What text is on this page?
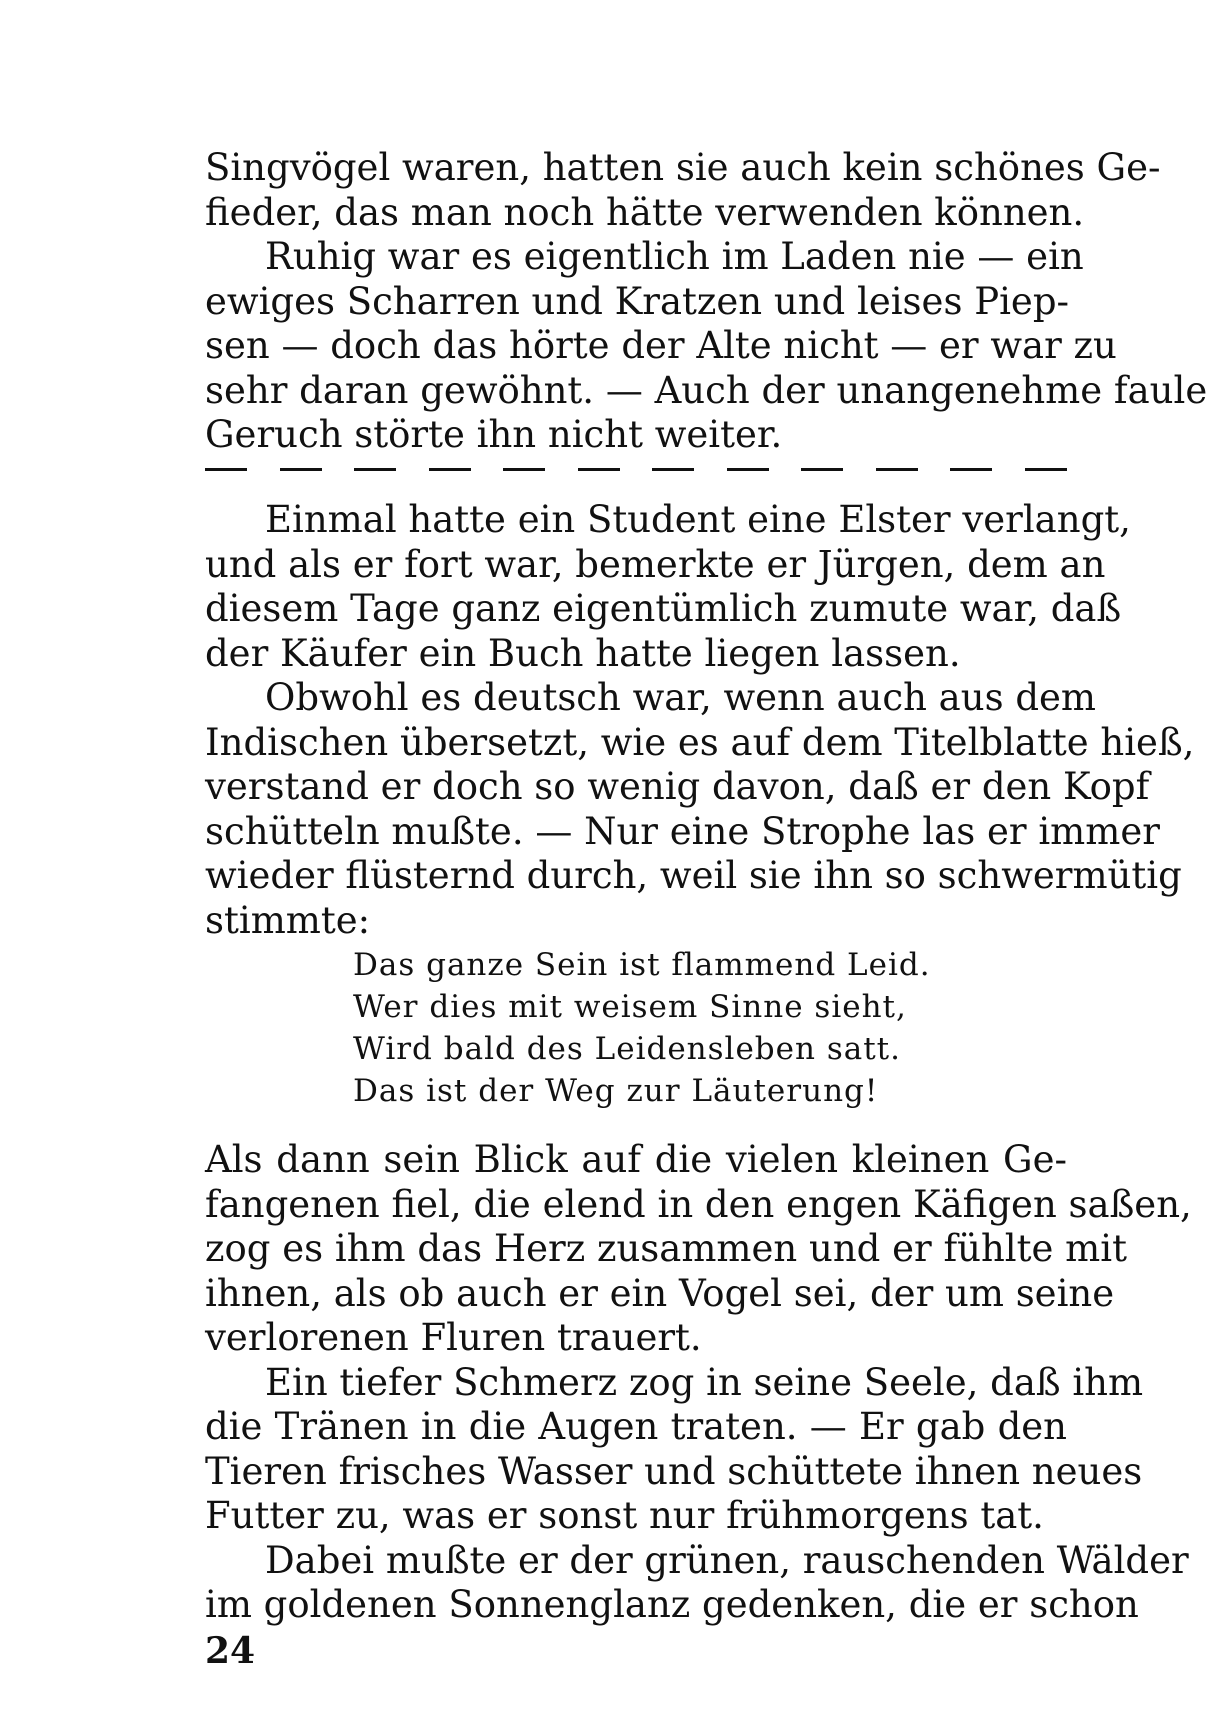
Singvögel waren, hatten sie auch kein schönes Ge-
fieder, das man noch hätte verwenden können.
Ruhig war es eigentlich im Laden nie — ein
ewiges Scharren und Kratzen und leises Piep-
sen — doch das hörte der Alte nicht — er war zu
sehr daran gewöhnt. — Auch der unangenehme faule
Geruch störte ihn nicht weiter.
Einmal hatte ein Student eine Elster verlangt,
und als er fort war, bemerkte er Jürgen, dem an
diesem Tage ganz eigentümlich zumute war, daß
der Käufer ein Buch hatte liegen lassen.
Obwohl es deutsch war, wenn auch aus dem
Indischen übersetzt, wie es auf dem Titelblatte hieß,
verstand er doch so wenig davon, daß er den Kopf
schütteln mußte. — Nur eine Strophe las er immer
wieder flüsternd durch, weil sie ihn so schwermütig
stimmte:
Das ganze Sein ist flammend Leid.
Wer dies mit weisem Sinne sieht,
Wird bald des Leidensleben satt.
Das ist der Weg zur Läuterung!
Als dann sein Blick auf die vielen kleinen Ge-
fangenen fiel, die elend in den engen Käfigen saßen,
zog es ihm das Herz zusammen und er fühlte mit
ihnen, als ob auch er ein Vogel sei, der um seine
verlorenen Fluren trauert.
Ein tiefer Schmerz zog in seine Seele, daß ihm
die Tränen in die Augen traten. — Er gab den
Tieren frisches Wasser und schüttete ihnen neues
Futter zu, was er sonst nur frühmorgens tat.
Dabei mußte er der grünen, rauschenden Wälder
im goldenen Sonnenglanz gedenken, die er schon
24
